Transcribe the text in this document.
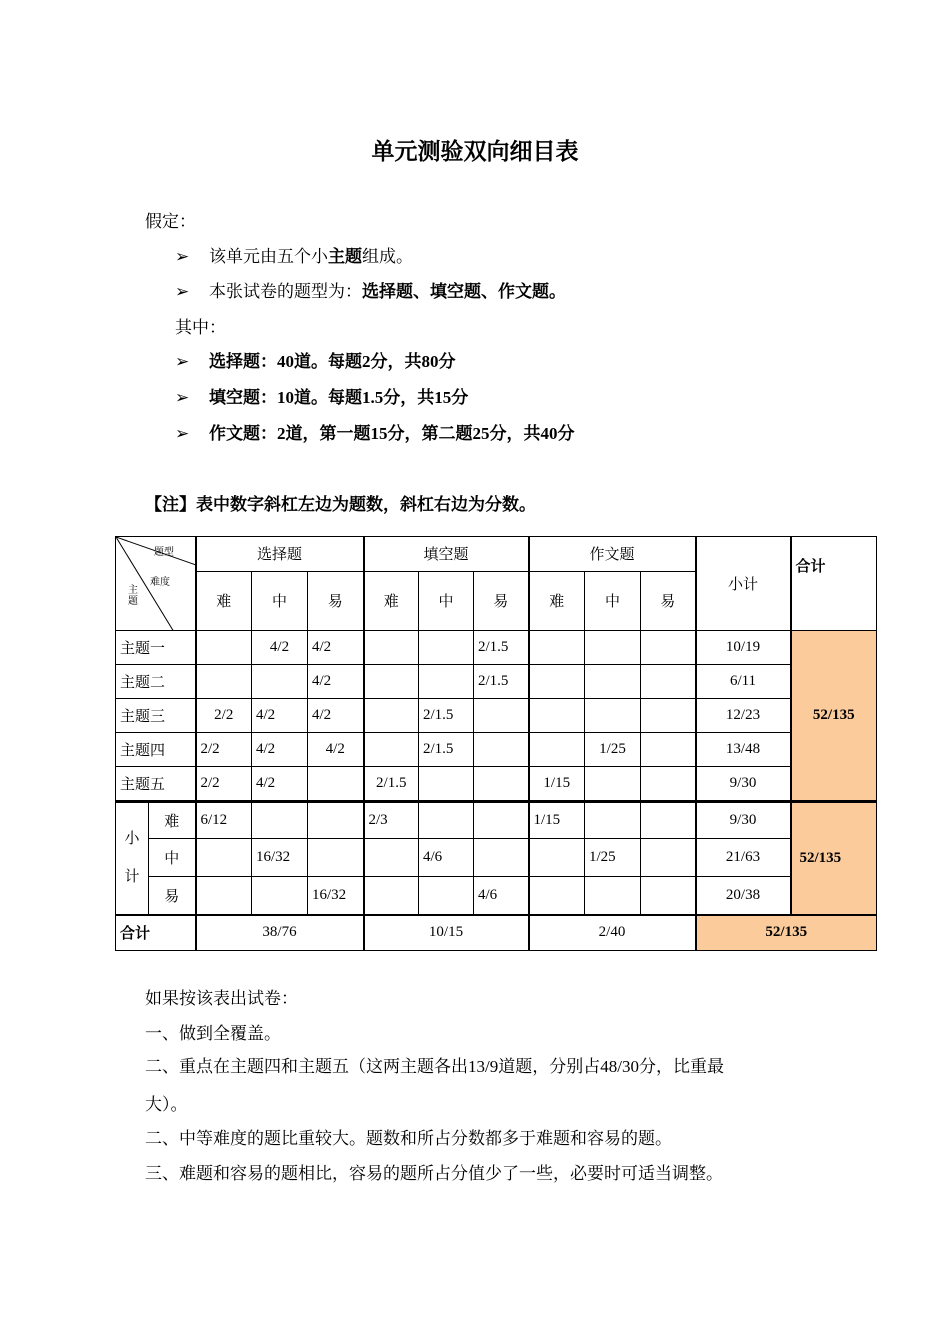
单元测验双向细目表
假定：
➢ 该单元由五个小主题组成。
➢ 本张试卷的题型为：选择题、填空题、作文题。
其中：
➢ 选择题：40道。每题2分，共80分
➢ 填空题：10道。每题1.5分，共15分
➢ 作文题：2道，第一题15分，第二题25分，共40分
【注】表中数字斜杠左边为题数，斜杠右边为分数。
题型
难度
主题		选择题			填空题			作文题			小计	合计
		难	中	易	难	中	易	难	中	易		
主题一			4/2	4/2			2/1.5				10/19	52/135
主题二				4/2			2/1.5				6/11	
主题三		2/2	4/2	4/2		2/1.5					12/23	
主题四		2/2	4/2	4/2		2/1.5			1/25		13/48	
主题五		2/2	4/2		2/1.5			1/15			9/30	
小
计	难	6/12			2/3			1/15			9/30	52/135
	中		16/32			4/6			1/25		21/63	
	易			16/32			4/6				20/38	
合计		38/76			10/15			2/40			52/135	
如果按该表出试卷：
一、做到全覆盖。
二、重点在主题四和主题五（这两主题各出13/9道题，分别占48/30分，比重最
大）。
二、中等难度的题比重较大。题数和所占分数都多于难题和容易的题。
三、难题和容易的题相比，容易的题所占分值少了一些，必要时可适当调整。
